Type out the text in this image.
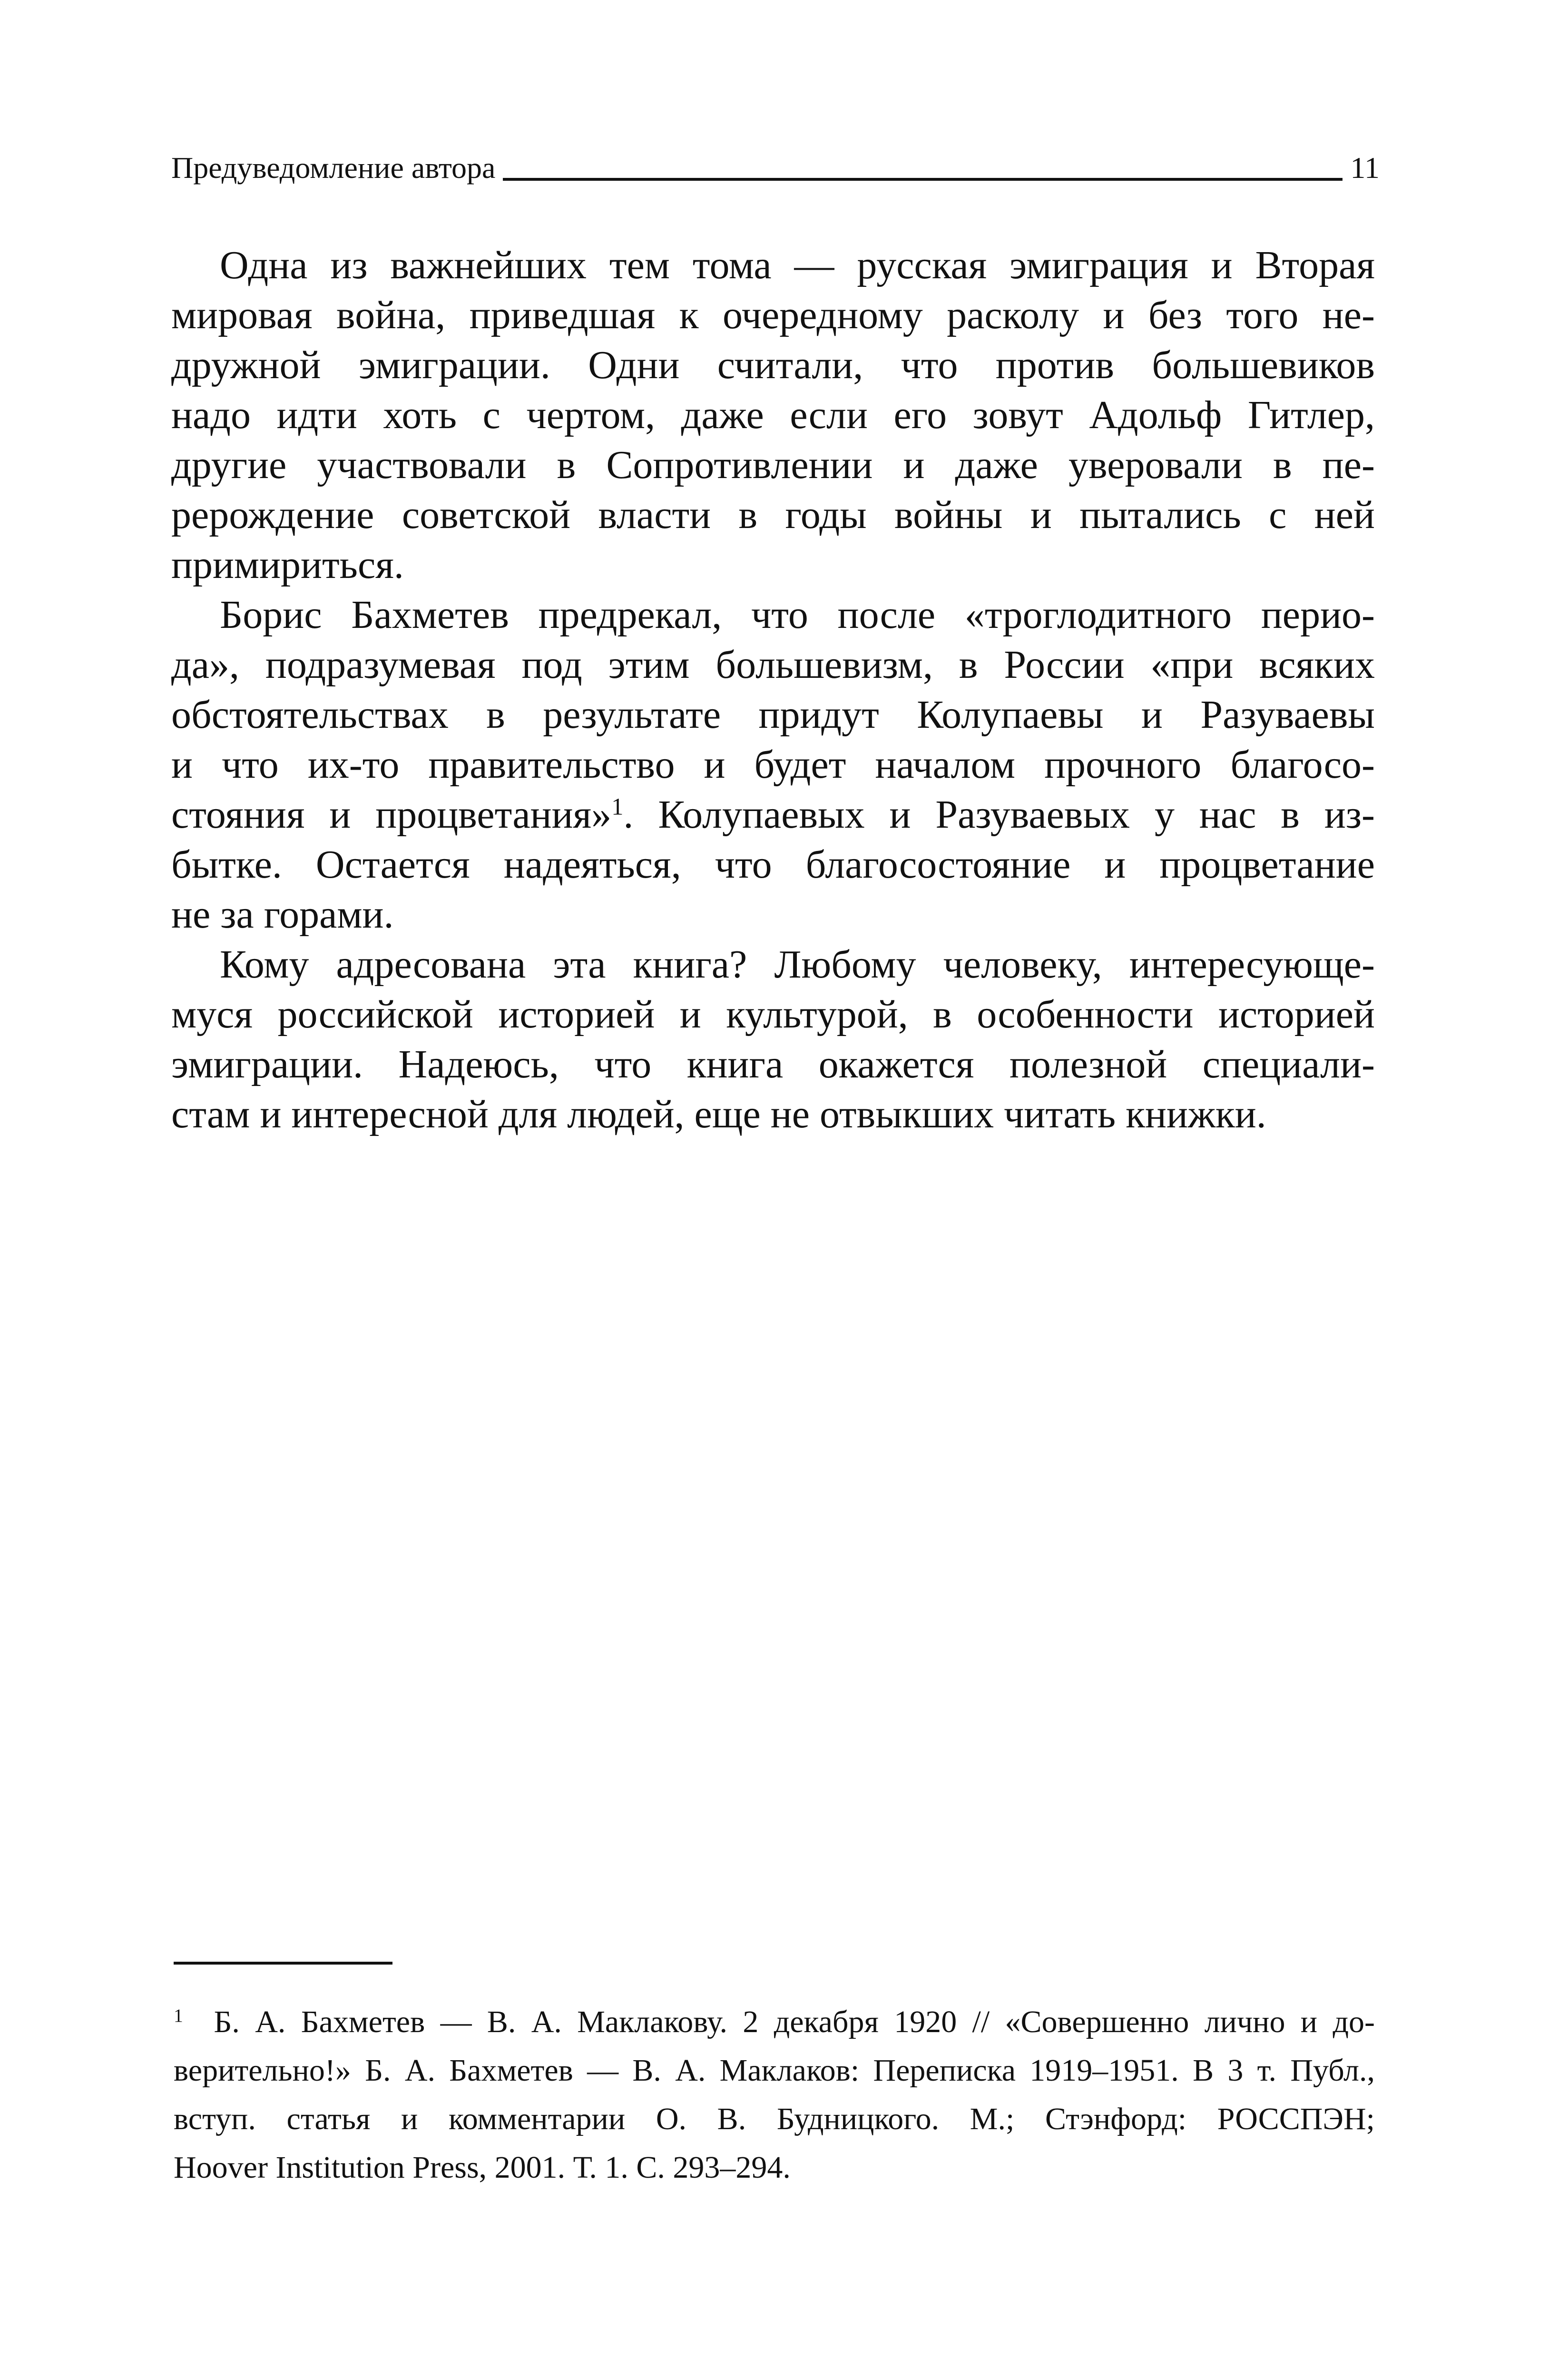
Предуведомление автора	11
Одна из важнейших тем тома — русская эмиграция и Вторая
мировая война, приведшая к очередному расколу и без того не-
дружной эмиграции. Одни считали, что против большевиков
надо идти хоть с чертом, даже если его зовут Адольф Гитлер,
другие участвовали в Сопротивлении и даже уверовали в пе-
рерождение советской власти в годы войны и пытались с ней
примириться.
Борис Бахметев предрекал, что после «троглодитного перио-
да», подразумевая под этим большевизм, в России «при всяких
обстоятельствах в результате придут Колупаевы и Разуваевы
и что их-то правительство и будет началом прочного благосо-
стояния и процветания»$^1$. Колупаевых и Разуваевых у нас в из-
бытке. Остается надеяться, что благосостояние и процветание
не за горами.
Кому адресована эта книга? Любому человеку, интересующе-
муся российской историей и культурой, в особенности историей
эмиграции. Надеюсь, что книга окажется полезной специали-
стам и интересной для людей, еще не отвыкших читать книжки.
$^1$ Б. А. Бахметев — В. А. Маклакову. 2 декабря 1920 // «Совершенно лично и до-
верительно!» Б. А. Бахметев — В. А. Маклаков: Переписка 1919–1951. В 3 т. Публ.,
вступ. статья и комментарии О. В. Будницкого. М.; Стэнфорд: РОССПЭН;
Hoover Institution Press, 2001. Т. 1. С. 293–294.
